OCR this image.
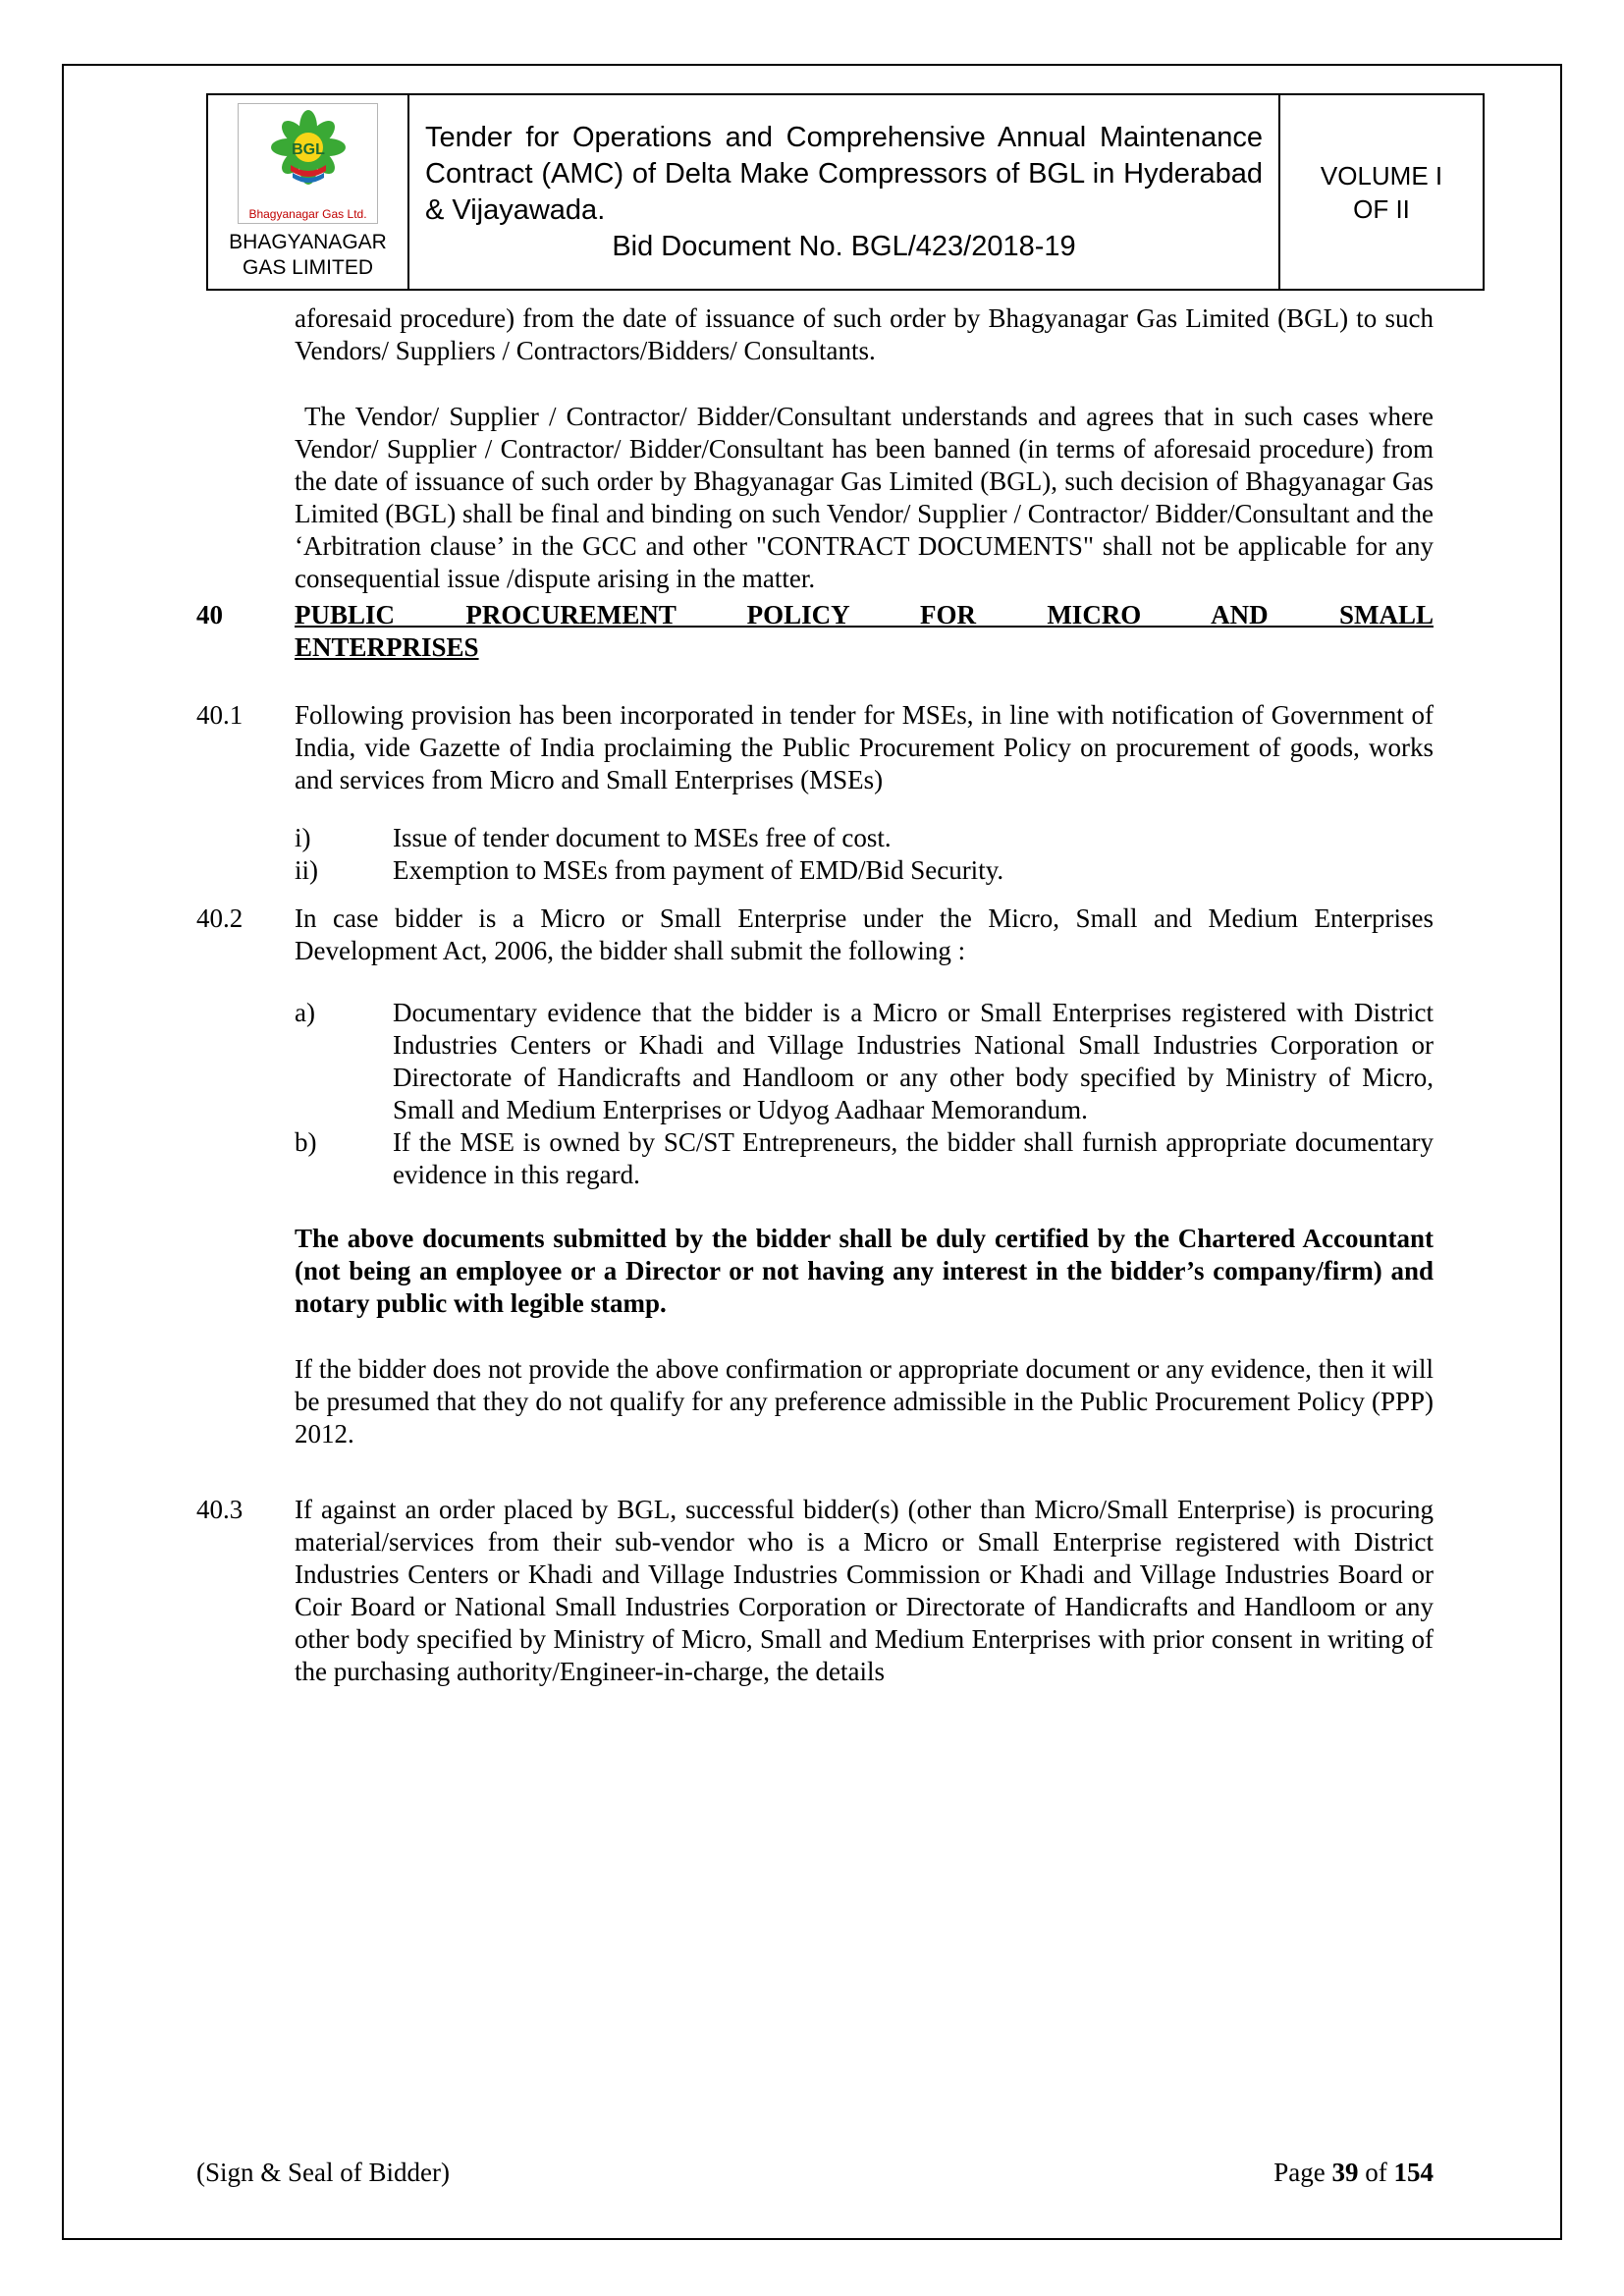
BGL
Bhagyanagar Gas Ltd.
BHAGYANAGAR GAS LIMITED

Tender for Operations and Comprehensive Annual Maintenance Contract (AMC) of Delta Make Compressors of BGL in Hyderabad & Vijayawada.
Bid Document No. BGL/423/2018-19

VOLUME I
OF II

aforesaid procedure) from the date of issuance of such order by Bhagyanagar Gas Limited (BGL) to such Vendors/ Suppliers / Contractors/Bidders/ Consultants.

The Vendor/ Supplier / Contractor/ Bidder/Consultant understands and agrees that in such cases where Vendor/ Supplier / Contractor/ Bidder/Consultant has been banned (in terms of aforesaid procedure) from the date of issuance of such order by Bhagyanagar Gas Limited (BGL), such decision of Bhagyanagar Gas Limited (BGL) shall be final and binding on such Vendor/ Supplier / Contractor/ Bidder/Consultant and the ‘Arbitration clause’ in the GCC and other "CONTRACT DOCUMENTS" shall not be applicable for any consequential issue /dispute arising in the matter.

40	PUBLIC PROCUREMENT POLICY FOR MICRO AND SMALL ENTERPRISES
40.1	Following provision has been incorporated in tender for MSEs, in line with notification of Government of India, vide Gazette of India proclaiming the Public Procurement Policy on procurement of goods, works and services from Micro and Small Enterprises (MSEs)

i)	Issue of tender document to MSEs free of cost.

ii)	Exemption to MSEs from payment of EMD/Bid Security.

40.2	In case bidder is a Micro or Small Enterprise under the Micro, Small and Medium Enterprises Development Act, 2006, the bidder shall submit the following :

a)	Documentary evidence that the bidder is a Micro or Small Enterprises registered with District Industries Centers or Khadi and Village Industries National Small Industries Corporation or Directorate of Handicrafts and Handloom or any other body specified by Ministry of Micro, Small and Medium Enterprises or Udyog Aadhaar Memorandum.

b)	If the MSE is owned by SC/ST Entrepreneurs, the bidder shall furnish appropriate documentary evidence in this regard.

The above documents submitted by the bidder shall be duly certified by the Chartered Accountant (not being an employee or a Director or not having any interest in the bidder’s company/firm) and notary public with legible stamp.

If the bidder does not provide the above confirmation or appropriate document or any evidence, then it will be presumed that they do not qualify for any preference admissible in the Public Procurement Policy (PPP) 2012.

40.3	If against an order placed by BGL, successful bidder(s) (other than Micro/Small Enterprise) is procuring material/services from their sub-vendor who is a Micro or Small Enterprise registered with District Industries Centers or Khadi and Village Industries Commission or Khadi and Village Industries Board or Coir Board or National Small Industries Corporation or Directorate of Handicrafts and Handloom or any other body specified by Ministry of Micro, Small and Medium Enterprises with prior consent in writing of the purchasing authority/Engineer-in-charge, the details

(Sign & Seal of Bidder)	Page 39 of 154
